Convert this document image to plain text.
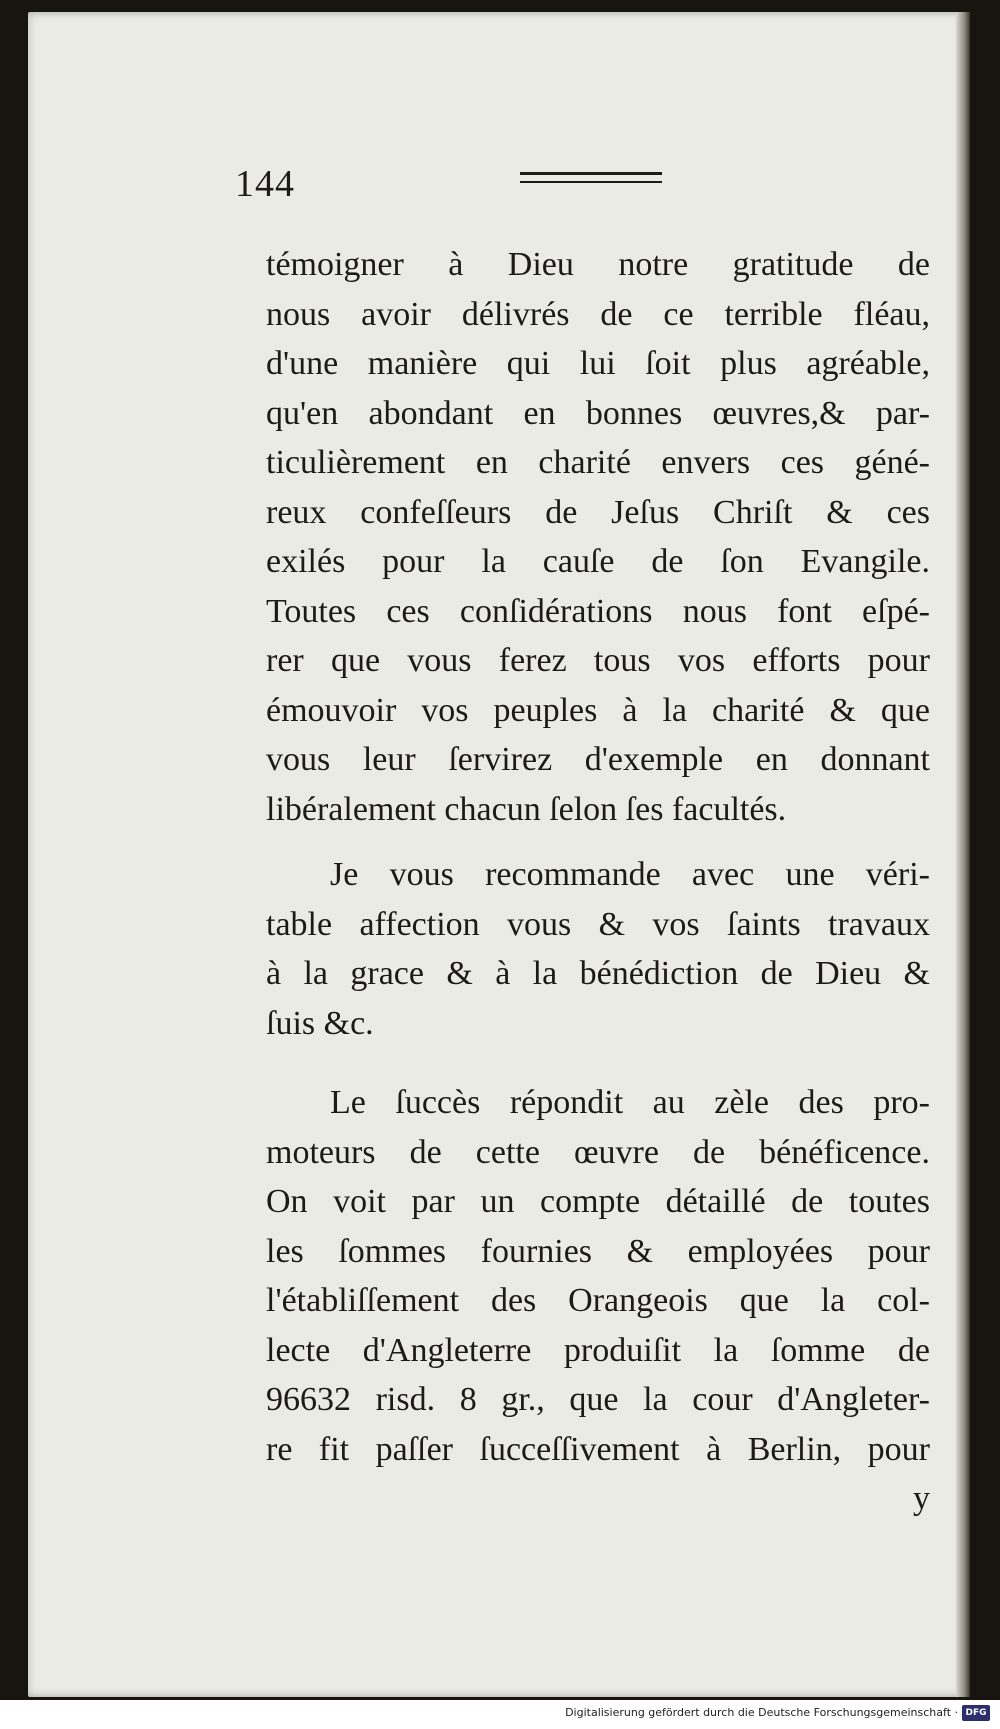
144
témoigner à Dieu notre gratitude de
nous avoir délivrés de ce terrible fléau,
d'une manière qui lui ſoit plus agréable,
qu'en abondant en bonnes œuvres,& par-
ticulièrement en charité envers ces géné-
reux confeſſeurs de Jeſus Chriſt & ces
exilés pour la cauſe de ſon Evangile.
Toutes ces conſidérations nous font eſpé-
rer que vous ferez tous vos efforts pour
émouvoir vos peuples à la charité & que
vous leur ſervirez d'exemple en donnant
libéralement chacun ſelon ſes facultés.
Je vous recommande avec une véri-
table affection vous & vos ſaints travaux
à la grace & à la bénédiction de Dieu &
ſuis &c.
Le ſuccès répondit au zèle des pro-
moteurs de cette œuvre de bénéficence.
On voit par un compte détaillé de toutes
les ſommes fournies & employées pour
l'établiſſement des Orangeois que la col-
lecte d'Angleterre produiſit la ſomme de
96632 risd. 8 gr., que la cour d'Angleter-
re fit paſſer ſucceſſivement à Berlin, pour
y
Digitalisierung gefördert durch die Deutsche Forschungsgemeinschaft · DFG
